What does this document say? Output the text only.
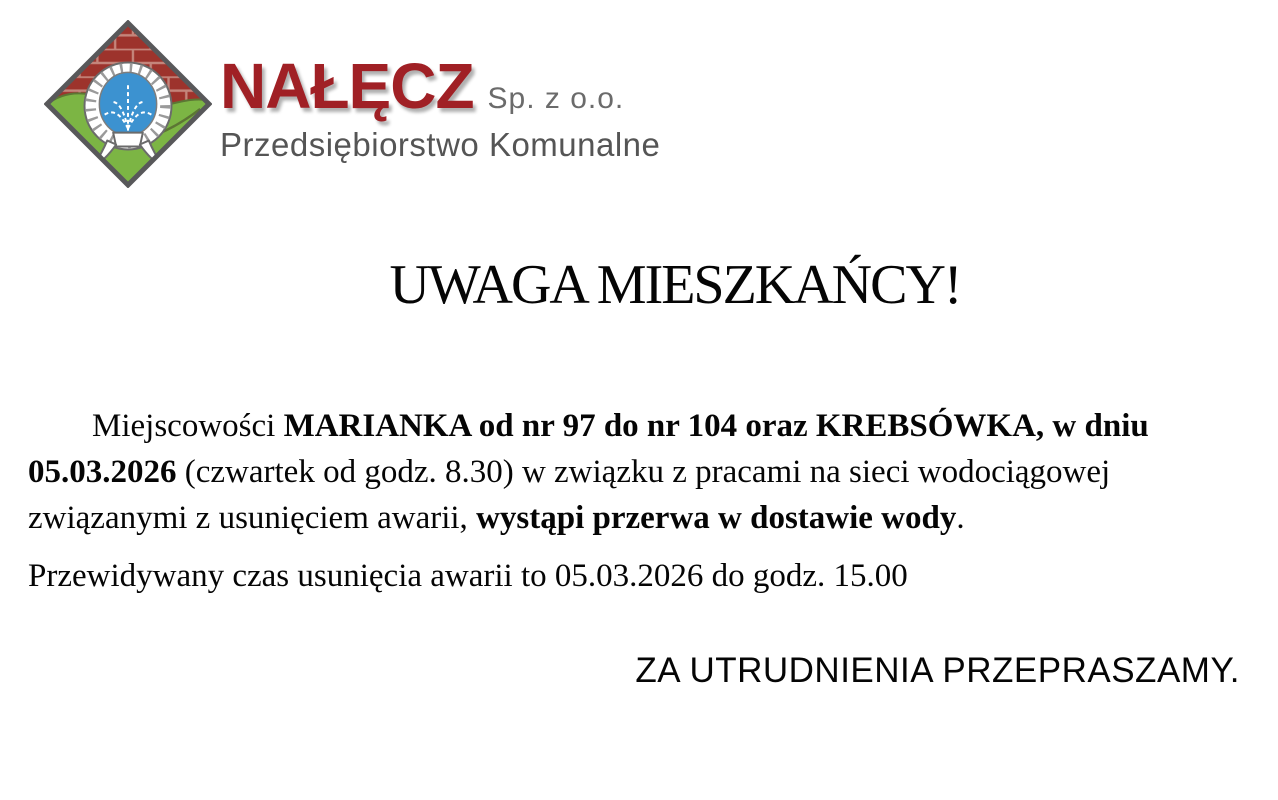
NAŁĘCZ Sp. z o.o.
Przedsiębiorstwo Komunalne
UWAGA MIESZKAŃCY!

Miejscowości MARIANKA od nr 97 do nr 104 oraz KREBSÓWKA, w dniu 05.03.2026 (czwartek od godz. 8.30) w związku z pracami na sieci wodociągowej związanymi z usunięciem awarii, wystąpi przerwa w dostawie wody.

Przewidywany czas usunięcia awarii to 05.03.2026 do godz. 15.00

ZA UTRUDNIENIA PRZEPRASZAMY.
